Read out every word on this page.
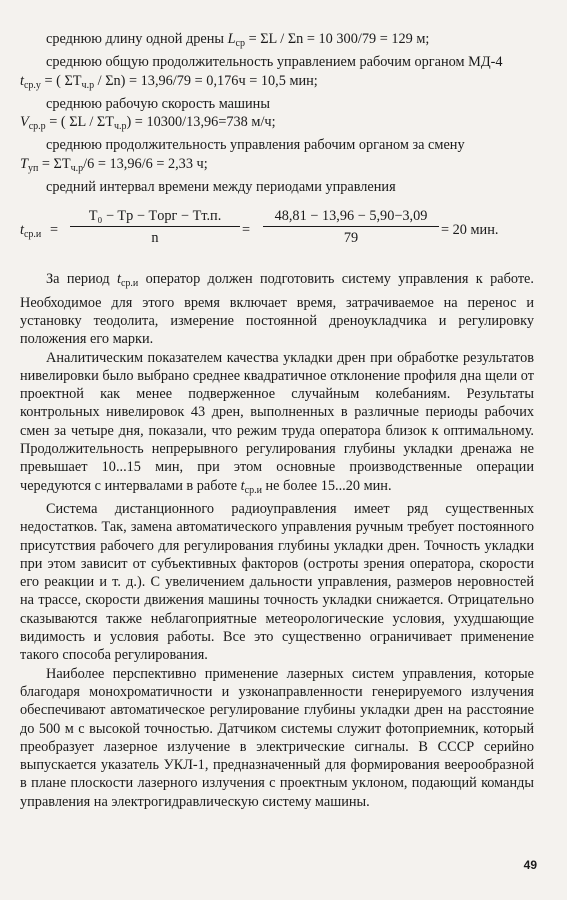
среднюю длину одной дрены $L_{ср} = \Sigma L / \Sigma n = 10$ 300/79 = 129 м;

среднюю общую продолжительность управлением рабочим органом МД-4

$t_{ср.у}$ = ( $\Sigma T_{ч.р} / \Sigma n) = 13,96/79 = 0,176ч = 10,5$ мин;

среднюю рабочую скорость машины

$V_{ср.р}$ = ( $\Sigma L / \Sigma T_{ч.р}) = 10300/13,96=738$ м/ч;

среднюю продолжительность управления рабочим органом за смену

$T_{уп} = \Sigma T_{ч.р}/6 = 13,96/6 = 2,33$ ч;

средний интервал времени между периодами управления

$t_{ср.и}$ =
T₀ − Tр − Tорг − Tт.п.
n	= $\frac{48,81 - 13,96 - 5,90-3,09}{79} = 20$ мин.

За период $t_{ср.и}$ оператор должен подготовить систему управления к работе. Необходимое для этого время включает время, затрачиваемое на перенос и установку теодолита, измерение постоянной дреноукладчика и регулировку положения его марки.

Аналитическим показателем качества укладки дрен при обработке результатов нивелировки было выбрано среднее квадратичное отклонение профиля дна щели от проектной как менее подверженное случайным колебаниям. Результаты контрольных нивелировок 43 дрен, выполненных в различные периоды рабочих смен за четыре дня, показали, что режим труда оператора близок к оптимальному. Продолжительность непрерывного регулирования глубины укладки дренажа не превышает 10...15 мин, при этом основные производственные операции чередуются с интервалами в работе $t_{ср.и}$ не более 15...20 мин.

Система дистанционного радиоуправления имеет ряд существенных недостатков. Так, замена автоматического управления ручным требует постоянного присутствия рабочего для регулирования глубины укладки дрен. Точность укладки при этом зависит от субъективных факторов (остроты зрения оператора, скорости его реакции и т. д.). С увеличением дальности управления, размеров неровностей на трассе, скорости движения машины точность укладки снижается. Отрицательно сказываются также неблагоприятные метеорологические условия, ухудшающие видимость и условия работы. Все это существенно ограничивает применение такого способа регулирования.

Наиболее перспективно применение лазерных систем управления, которые благодаря монохроматичности и узконаправленности генерируемого излучения обеспечивают автоматическое регулирование глубины укладки дрен на расстояние до 500 м с высокой точностью. Датчиком системы служит фотоприемник, который преобразует лазерное излучение в электрические сигналы. В СССР серийно выпускается указатель УКЛ-1, предназначенный для формирования веерообразной в плане плоскости лазерного излучения с проектным уклоном, подающий команды управления на электрогидравлическую систему машины.

49
